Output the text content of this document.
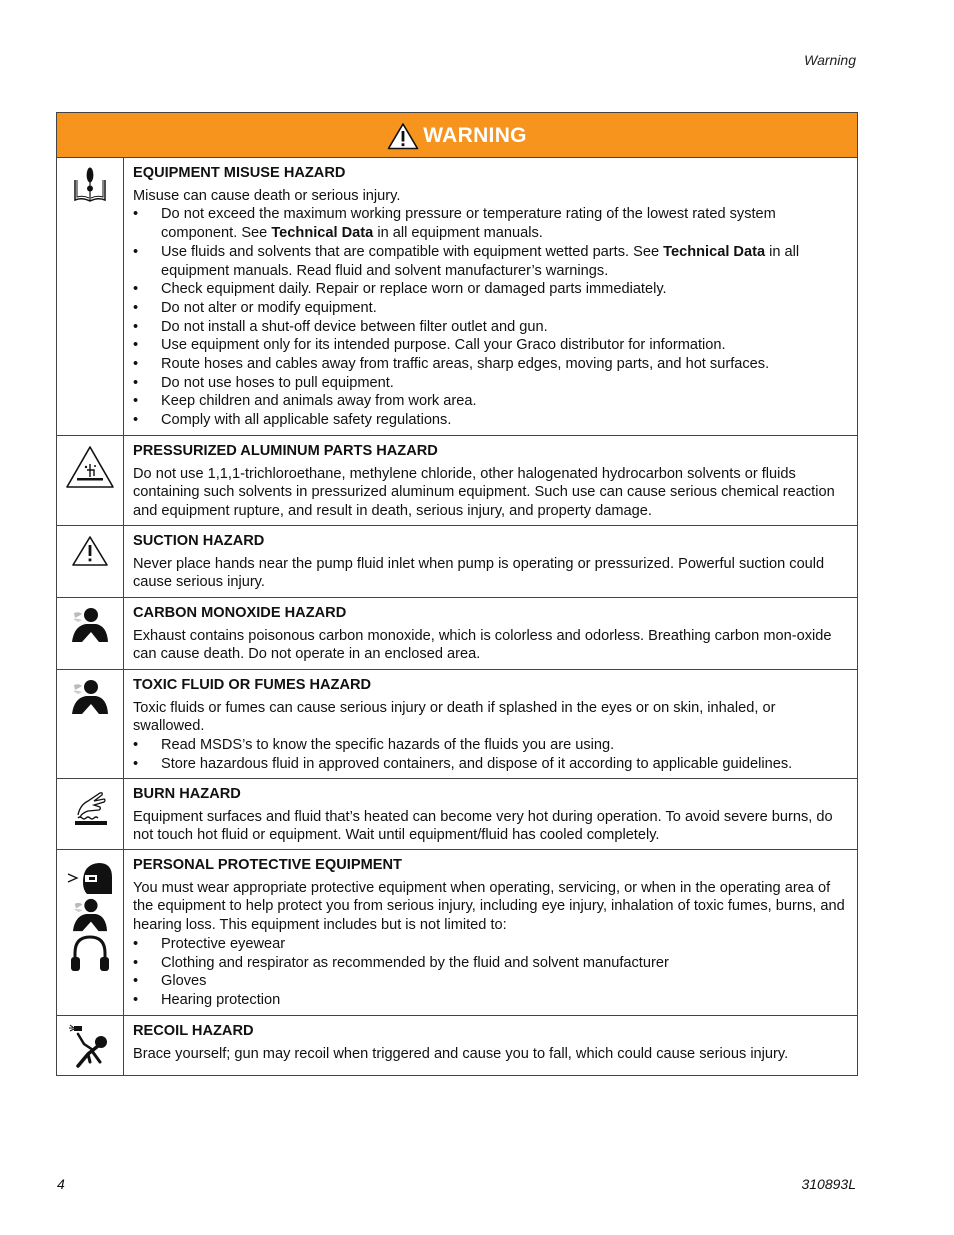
Warning
WARNING
EQUIPMENT MISUSE HAZARD

Misuse can cause death or serious injury.

• Do not exceed the maximum working pressure or temperature rating of the lowest rated system component. See Technical Data in all equipment manuals.
• Use fluids and solvents that are compatible with equipment wetted parts. See Technical Data in all equipment manuals. Read fluid and solvent manufacturer’s warnings.
• Check equipment daily. Repair or replace worn or damaged parts immediately.
• Do not alter or modify equipment.
• Do not install a shut-off device between filter outlet and gun.
• Use equipment only for its intended purpose. Call your Graco distributor for information.
• Route hoses and cables away from traffic areas, sharp edges, moving parts, and hot surfaces.
• Do not use hoses to pull equipment.
• Keep children and animals away from work area.
• Comply with all applicable safety regulations.
PRESSURIZED ALUMINUM PARTS HAZARD

Do not use 1,1,1-trichloroethane, methylene chloride, other halogenated hydrocarbon solvents or fluids containing such solvents in pressurized aluminum equipment. Such use can cause serious chemical reaction and equipment rupture, and result in death, serious injury, and property damage.

SUCTION HAZARD

Never place hands near the pump fluid inlet when pump is operating or pressurized. Powerful suction could cause serious injury.

CARBON MONOXIDE HAZARD

Exhaust contains poisonous carbon monoxide, which is colorless and odorless. Breathing carbon mon-oxide can cause death. Do not operate in an enclosed area.

TOXIC FLUID OR FUMES HAZARD

Toxic fluids or fumes can cause serious injury or death if splashed in the eyes or on skin, inhaled, or swallowed.

• Read MSDS’s to know the specific hazards of the fluids you are using.
• Store hazardous fluid in approved containers, and dispose of it according to applicable guidelines.
BURN HAZARD

Equipment surfaces and fluid that’s heated can become very hot during operation. To avoid severe burns, do not touch hot fluid or equipment. Wait until equipment/fluid has cooled completely.

PERSONAL PROTECTIVE EQUIPMENT

You must wear appropriate protective equipment when operating, servicing, or when in the operating area of the equipment to help protect you from serious injury, including eye injury, inhalation of toxic fumes, burns, and hearing loss. This equipment includes but is not limited to:

• Protective eyewear
• Clothing and respirator as recommended by the fluid and solvent manufacturer
• Gloves
• Hearing protection
RECOIL HAZARD

Brace yourself; gun may recoil when triggered and cause you to fall, which could cause serious injury.

4	310893L
